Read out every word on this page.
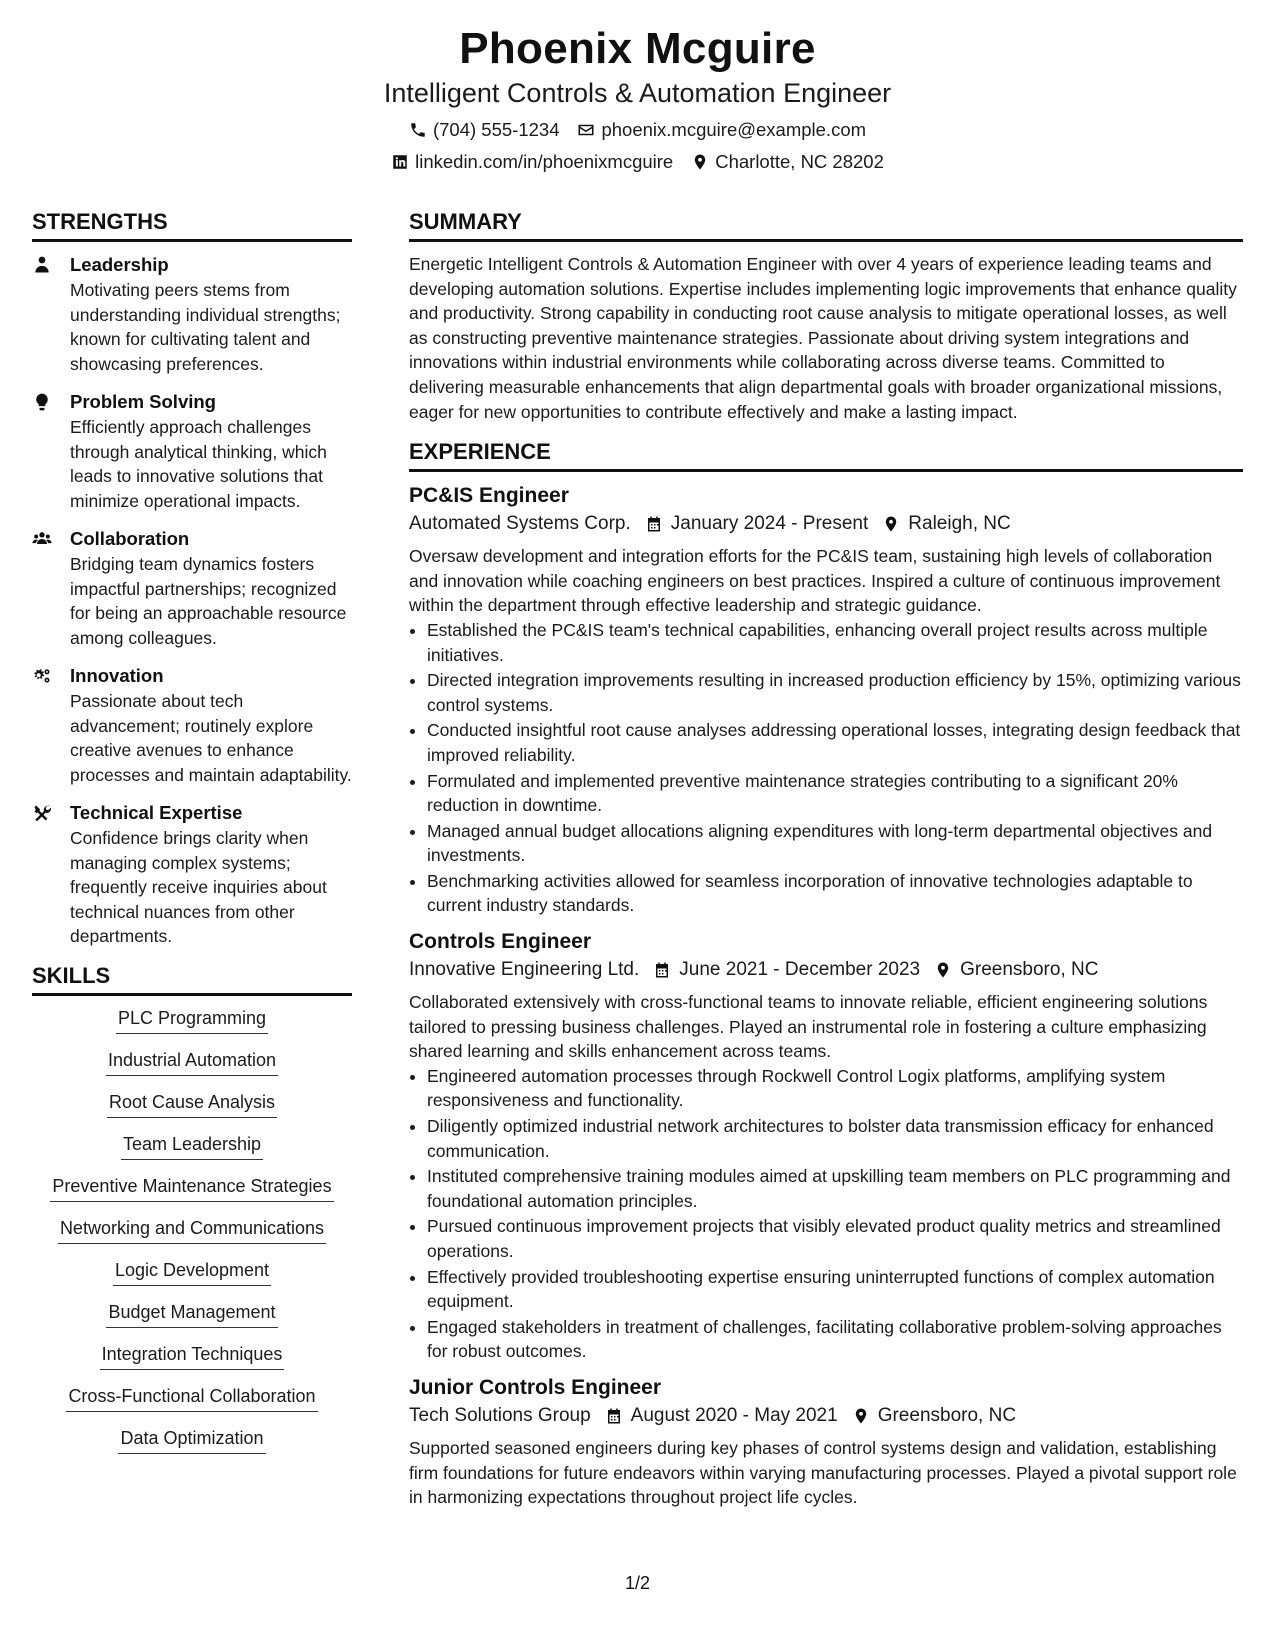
Phoenix Mcguire
Intelligent Controls & Automation Engineer
(704) 555-1234 phoenix.mcguire@example.com
linkedin.com/in/phoenixmcguire Charlotte, NC 28202
STRENGTHS
Leadership
Motivating peers stems from understanding individual strengths; known for cultivating talent and showcasing preferences.
Problem Solving
Efficiently approach challenges through analytical thinking, which leads to innovative solutions that minimize operational impacts.
Collaboration
Bridging team dynamics fosters impactful partnerships; recognized for being an approachable resource among colleagues.
Innovation
Passionate about tech advancement; routinely explore creative avenues to enhance processes and maintain adaptability.
Technical Expertise
Confidence brings clarity when managing complex systems; frequently receive inquiries about technical nuances from other departments.
SKILLS
PLC Programming
Industrial Automation
Root Cause Analysis
Team Leadership
Preventive Maintenance Strategies
Networking and Communications
Logic Development
Budget Management
Integration Techniques
Cross-Functional Collaboration
Data Optimization
SUMMARY
Energetic Intelligent Controls & Automation Engineer with over 4 years of experience leading teams and developing automation solutions. Expertise includes implementing logic improvements that enhance quality and productivity. Strong capability in conducting root cause analysis to mitigate operational losses, as well as constructing preventive maintenance strategies. Passionate about driving system integrations and innovations within industrial environments while collaborating across diverse teams. Committed to delivering measurable enhancements that align departmental goals with broader organizational missions, eager for new opportunities to contribute effectively and make a lasting impact.
EXPERIENCE
PC&IS Engineer
Automated Systems Corp. January 2024 - Present Raleigh, NC
Oversaw development and integration efforts for the PC&IS team, sustaining high levels of collaboration and innovation while coaching engineers on best practices. Inspired a culture of continuous improvement within the department through effective leadership and strategic guidance.
• Established the PC&IS team's technical capabilities, enhancing overall project results across multiple initiatives.
• Directed integration improvements resulting in increased production efficiency by 15%, optimizing various control systems.
• Conducted insightful root cause analyses addressing operational losses, integrating design feedback that improved reliability.
• Formulated and implemented preventive maintenance strategies contributing to a significant 20% reduction in downtime.
• Managed annual budget allocations aligning expenditures with long-term departmental objectives and investments.
• Benchmarking activities allowed for seamless incorporation of innovative technologies adaptable to current industry standards.
Controls Engineer
Innovative Engineering Ltd. June 2021 - December 2023 Greensboro, NC
Collaborated extensively with cross-functional teams to innovate reliable, efficient engineering solutions tailored to pressing business challenges. Played an instrumental role in fostering a culture emphasizing shared learning and skills enhancement across teams.
• Engineered automation processes through Rockwell Control Logix platforms, amplifying system responsiveness and functionality.
• Diligently optimized industrial network architectures to bolster data transmission efficacy for enhanced communication.
• Instituted comprehensive training modules aimed at upskilling team members on PLC programming and foundational automation principles.
• Pursued continuous improvement projects that visibly elevated product quality metrics and streamlined operations.
• Effectively provided troubleshooting expertise ensuring uninterrupted functions of complex automation equipment.
• Engaged stakeholders in treatment of challenges, facilitating collaborative problem-solving approaches for robust outcomes.
Junior Controls Engineer
Tech Solutions Group August 2020 - May 2021 Greensboro, NC
Supported seasoned engineers during key phases of control systems design and validation, establishing firm foundations for future endeavors within varying manufacturing processes. Played a pivotal support role in harmonizing expectations throughout project life cycles.
1/2
